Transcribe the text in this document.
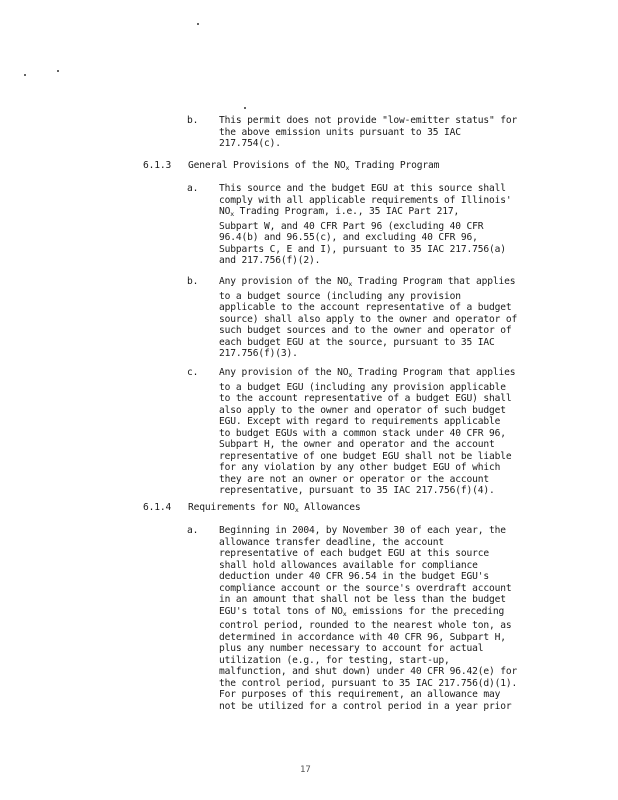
b. This permit does not provide "low-emitter status" for
the above emission units pursuant to 35 IAC
217.754(c).
6.1.3 General Provisions of the $NO_x$ Trading Program
a. This source and the budget EGU at this source shall
comply with all applicable requirements of Illinois'
$NO_x$ Trading Program, i.e., 35 IAC Part 217,
Subpart W, and 40 CFR Part 96 (excluding 40 CFR
96.4(b) and 96.55(c), and excluding 40 CFR 96,
Subparts C, E and I), pursuant to 35 IAC 217.756(a)
and 217.756(f)(2).
b. Any provision of the $NO_x$ Trading Program that applies
to a budget source (including any provision
applicable to the account representative of a budget
source) shall also apply to the owner and operator of
such budget sources and to the owner and operator of
each budget EGU at the source, pursuant to 35 IAC
217.756(f)(3).
c. Any provision of the $NO_x$ Trading Program that applies
to a budget EGU (including any provision applicable
to the account representative of a budget EGU) shall
also apply to the owner and operator of such budget
EGU. Except with regard to requirements applicable
to budget EGUs with a common stack under 40 CFR 96,
Subpart H, the owner and operator and the account
representative of one budget EGU shall not be liable
for any violation by any other budget EGU of which
they are not an owner or operator or the account
representative, pursuant to 35 IAC 217.756(f)(4).
6.1.4 Requirements for $NO_x$ Allowances
a. Beginning in 2004, by November 30 of each year, the
allowance transfer deadline, the account
representative of each budget EGU at this source
shall hold allowances available for compliance
deduction under 40 CFR 96.54 in the budget EGU's
compliance account or the source's overdraft account
in an amount that shall not be less than the budget
EGU's total tons of $NO_x$ emissions for the preceding
control period, rounded to the nearest whole ton, as
determined in accordance with 40 CFR 96, Subpart H,
plus any number necessary to account for actual
utilization (e.g., for testing, start-up,
malfunction, and shut down) under 40 CFR 96.42(e) for
the control period, pursuant to 35 IAC 217.756(d)(1).
For purposes of this requirement, an allowance may
not be utilized for a control period in a year prior
17
